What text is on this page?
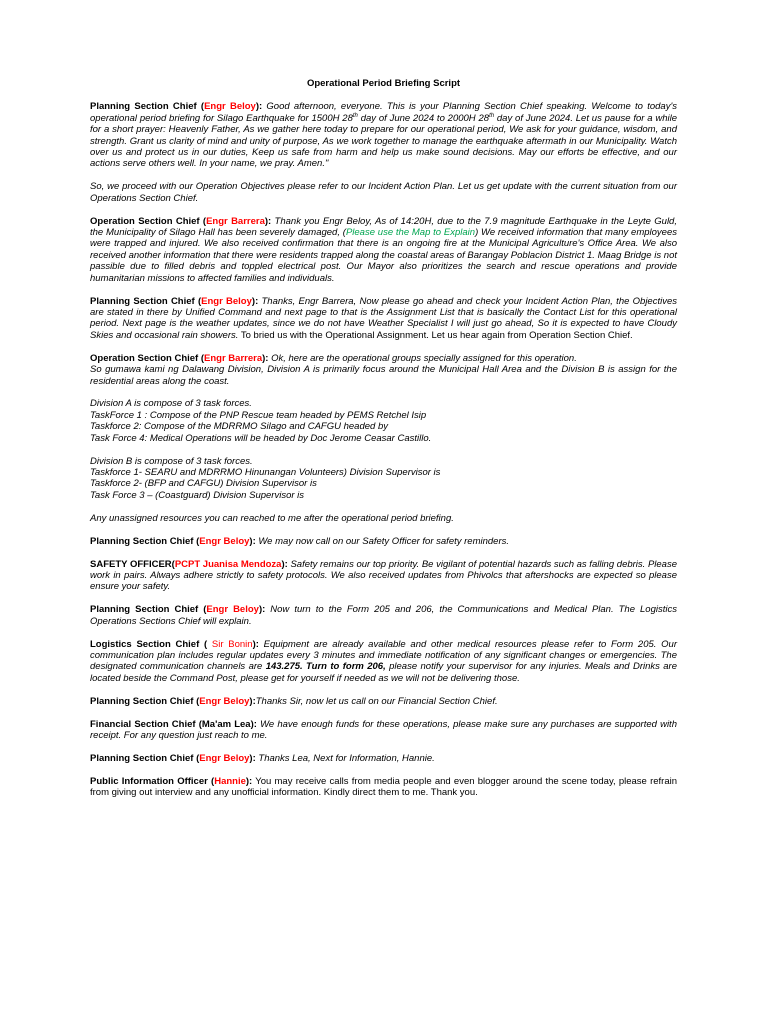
Operational Period Briefing Script

Planning Section Chief (Engr Beloy): Good afternoon, everyone. This is your Planning Section Chief speaking. Welcome to today's operational period briefing for Silago Earthquake for 1500H 28th day of June 2024 to 2000H 28th day of June 2024. Let us pause for a while for a short prayer: Heavenly Father, As we gather here today to prepare for our operational period, We ask for your guidance, wisdom, and strength. Grant us clarity of mind and unity of purpose, As we work together to manage the earthquake aftermath in our Municipality. Watch over us and protect us in our duties, Keep us safe from harm and help us make sound decisions. May our efforts be effective, and our actions serve others well. In your name, we pray. Amen."

So, we proceed with our Operation Objectives please refer to our Incident Action Plan. Let us get update with the current situation from our Operations Section Chief.

Operation Section Chief (Engr Barrera): Thank you Engr Beloy, As of 14:20H, due to the 7.9 magnitude Earthquake in the Leyte Guld, the Municipality of Silago Hall has been severely damaged, (Please use the Map to Explain) We received information that many employees were trapped and injured. We also received confirmation that there is an ongoing fire at the Municipal Agriculture's Office Area. We also received another information that there were residents trapped along the coastal areas of Barangay Poblacion District 1. Maag Bridge is not passible due to filled debris and toppled electrical post. Our Mayor also prioritizes the search and rescue operations and provide humanitarian missions to affected families and individuals.

Planning Section Chief (Engr Beloy): Thanks, Engr Barrera, Now please go ahead and check your Incident Action Plan, the Objectives are stated in there by Unified Command and next page to that is the Assignment List that is basically the Contact List for this operational period. Next page is the weather updates, since we do not have Weather Specialist I will just go ahead, So it is expected to have Cloudy Skies and occasional rain showers. To bried us with the Operational Assignment. Let us hear again from Operation Section Chief.

Operation Section Chief (Engr Barrera): Ok, here are the operational groups specially assigned for this operation.

So gumawa kami ng Dalawang Division, Division A is primarily focus around the Municipal Hall Area and the Division B is assign for the residential areas along the coast.

Division A is compose of 3 task forces.
TaskForce 1 : Compose of the PNP Rescue team headed by PEMS Retchel Isip
Taskforce 2: Compose of the MDRRMO Silago and CAFGU headed by
Task Force 4: Medical Operations will be headed by Doc Jerome Ceasar Castillo.
Division B is compose of 3 task forces.
Taskforce 1- SEARU and MDRRMO Hinunangan Volunteers) Division Supervisor is
Taskforce 2- (BFP and CAFGU) Division Supervisor is
Task Force 3 – (Coastguard) Division Supervisor is

Any unassigned resources you can reached to me after the operational period briefing.

Planning Section Chief (Engr Beloy): We may now call on our Safety Officer for safety reminders.

SAFETY OFFICER(PCPT Juanisa Mendoza): Safety remains our top priority. Be vigilant of potential hazards such as falling debris. Please work in pairs. Always adhere strictly to safety protocols. We also received updates from Phivolcs that aftershocks are expected so please ensure your safety.

Planning Section Chief (Engr Beloy): Now turn to the Form 205 and 206, the Communications and Medical Plan. The Logistics Operations Sections Chief will explain.

Logistics Section Chief ( Sir Bonin): Equipment are already available and other medical resources please refer to Form 205. Our communication plan includes regular updates every 3 minutes and immediate notification of any significant changes or emergencies. The designated communication channels are 143.275. Turn to form 206, please notify your supervisor for any injuries. Meals and Drinks are located beside the Command Post, please get for yourself if needed as we will not be delivering those.

Planning Section Chief (Engr Beloy):Thanks Sir, now let us call on our Financial Section Chief.

Financial Section Chief (Ma'am Lea): We have enough funds for these operations, please make sure any purchases are supported with receipt. For any question just reach to me.

Planning Section Chief (Engr Beloy): Thanks Lea, Next for Information, Hannie.

Public Information Officer (Hannie): You may receive calls from media people and even blogger around the scene today, please refrain from giving out interview and any unofficial information. Kindly direct them to me. Thank you.
